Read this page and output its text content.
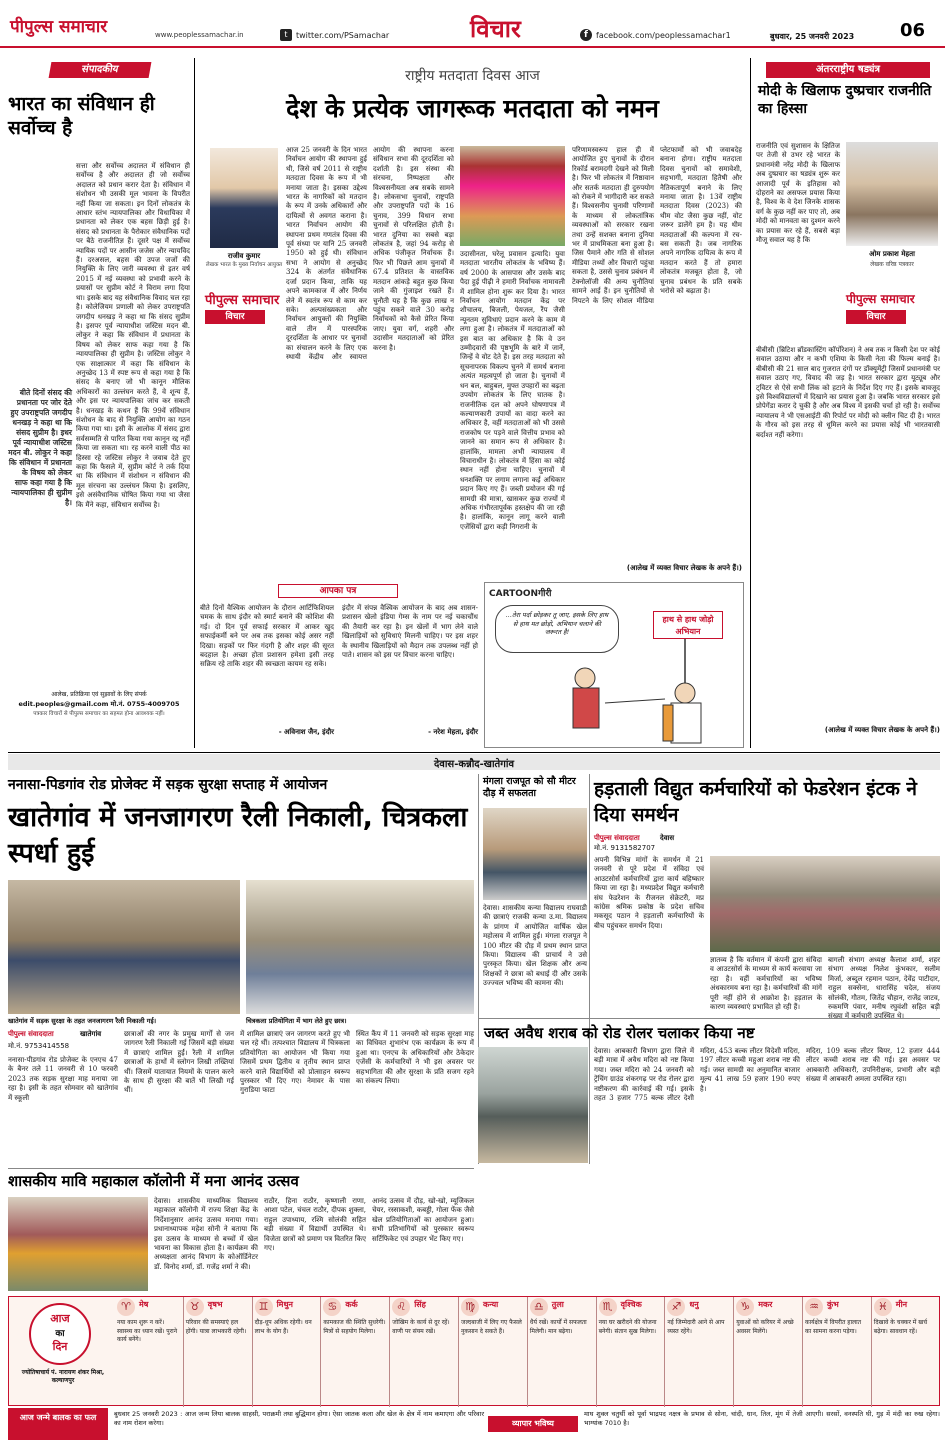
पीपुल्स समाचार	www.peoplessamachar.in	t	twitter.com/PSamachar	विचार	f	facebook.com/peoplessamachar1	बुधवार, 25 जनवरी 2023	06
संपादकीय
भारत का संविधान ही सर्वोच्च है
सत्ता और सर्वोच्च अदालत में संविधान ही सर्वोच्च है और अदालत ही जो सर्वोच्च अदालत को प्रधान करार देता है। संविधान में संशोधन भी उसकी मूल भावना के विपरीत नहीं किया जा सकता। इन दिनों लोकतंत्र के आधार स्तंभ न्यायपालिका और विधायिका में प्रधानता को लेकर एक बहस छिड़ी हुई है। संसद को प्रधानता के पैरोकार संवैधानिक पदों पर बैठे राजनीतिज्ञ हैं। दूसरे पक्ष में सर्वोच्च न्यायिक पदों पर आसीन जजेस और न्यायविद हैं। दरअसल, बहस की उपज जजों की नियुक्ति के लिए जारी व्यवस्था से इतर वर्ष 2015 में नई व्यवस्था को प्रभावी करने के प्रयासों पर सुप्रीम कोर्ट ने विराम लगा दिया था। इसके बाद यह संवैधानिक विवाद चल रहा है। कोलेजियम प्रणाली को लेकर उपराष्ट्रपति जगदीप धनखड़ ने कहा था कि संसद सुप्रीम है। इसपर पूर्व न्यायाधीश जस्टिस मदन बी. लोकुर ने कहा कि संविधान में प्रधानता के विषय को लेकर साफ कहा गया है कि न्यायपालिका ही सुप्रीम है। जस्टिस लोकुर ने एक साक्षात्कार में कहा कि संविधान के अनुच्छेद 13 में स्पष्ट रूप से कहा गया है कि संसद के बनाए जो भी कानून मौलिक अधिकारों का उल्लंघन करते हैं, वे शून्य हैं, और इस पर न्यायपालिका जांच कर सकती है। धनखड़ के कथन हैं कि 99वें संविधान संशोधन के बाद से नियुक्ति आयोग का गठन किया गया था। इसी के आलोक में संसद द्वारा सर्वसम्मति से पारित किया गया कानून रद्द नहीं किया जा सकता था। रह करने वाली पीठ का हिस्सा रहे जस्टिस लोकुर ने जवाब देते हुए कहा कि फैसले में, सुप्रीम कोर्ट ने तर्क दिया था कि संविधान में संशोधन न संविधान की मूल संरचना का उल्लंघन किया है। इसलिए, इसे असंवैधानिक घोषित किया गया था जैसा कि मैंने कहा, संविधान सर्वोच्च है।
बीते दिनों संसद की प्रधानता पर जोर देते हुए उपराष्ट्रपति जगदीप धनखड़ ने कहा था कि संसद सुप्रीम है। इधर पूर्व न्यायाधीश जस्टिस मदन बी. लोकुर ने कहा कि संविधान में प्रधानता के विषय को लेकर साफ कहा गया है कि न्यायपालिका ही सुप्रीम है।
आलेख, प्रतिक्रिया एवं सुझावों के लिए संपर्क
edit.peoples@gmail.com मो.नं. 0755-4009705
पत्रकार विचारों से पीपुल्स समाचार का सहमत होना आवश्यक नहीं।
राष्ट्रीय मतदाता दिवस आज
देश के प्रत्येक जागरूक मतदाता को नमन
राजीव कुमार
लेखक भारत के मुख्य निर्वाचन आयुक्त
पीपुल्स समाचार
विचार
आज 25 जनवरी के दिन भारत निर्वाचन आयोग की स्थापना हुई थी, जिसे वर्ष 2011 से राष्ट्रीय मतदाता दिवस के रूप में भी मनाया जाता है। इसका उद्देश्य भारत के नागरिकों को मतदान के रूप में उनके अधिकारों और दायित्वों से अवगत कराना है। भारत निर्वाचन आयोग की स्थापना प्रथम गणतंत्र दिवस की पूर्व संध्या पर यानि 25 जनवरी 1950 को हुई थी। संविधान सभा ने आयोग से अनुच्छेद 324 के अंतर्गत संवैधानिक दर्जा प्रदान किया, ताकि यह अपने कामकाज में और निर्णय लेने में स्वतंत्र रूप से काम कर सके। अल्पसंख्यकता और निर्वाचन आयुक्तों की नियुक्ति वाले तीन में पारस्परिक दूरदर्शिता के आधार पर चुनावों का संचालन करने के लिए एक स्थायी केंद्रीय और स्वायत्त आयोग की स्थापना करना संविधान सभा की दूरदर्शिता को दर्शाती है। इस संस्था की संरचना, निष्पक्षता और विश्वसनीयता अब सबके सामने है। लोकसभा चुनावों, राष्ट्रपति और उपराष्ट्रपति पदों के 16 चुनाव, 399 विधान सभा चुनावों से परिलक्षित होती है। भारत दुनिया का सबसे बड़ा लोकतंत्र है, जहां 94 करोड़ से अधिक पंजीकृत निर्वाचक हैं। फिर भी पिछले आम चुनावों में 67.4 प्रतिशत के वास्तविक मतदान आंकड़े बहुत कुछ किया जाने की गुंजाइश रखते हैं। चुनौती यह है कि कुछ लाख न पहुंच सकने वाले 30 करोड़ निर्वाचकों को कैसे प्रेरित किया जाए। युवा वर्ग, शहरी और उदासीन मतदाताओं को प्रेरित करना है।
उदासीनता, घरेलू प्रवासन इत्यादि। युवा मतदाता भारतीय लोकतंत्र के भविष्य हैं। वर्ष 2000 के आसपास और उसके बाद पैदा हुई पीढ़ी ने हमारी निर्वाचक नामावली में शामिल होना शुरू कर दिया है। भारत निर्वाचन आयोग मतदान केंद्र पर शौचालय, बिजली, पेयजल, रैंप जैसी न्यूनतम सुविधाएं प्रदान करने के काम में लगा हुआ है। लोकतंत्र में मतदाताओं को इस बात का अधिकार है कि वे उन उम्मीदवारों की पृष्ठभूमि के बारे में जानें, जिन्हें वे वोट देते हैं। इस तरह मतदाता को सूचनापरक विकल्प चुनने में समर्थ बनाना अत्यंत महत्वपूर्ण हो जाता है। चुनावों में धन बल, बाहुबल, मुफ्त उपहारों का बढ़ता उपयोग लोकतंत्र के लिए घातक है। राजनीतिक दल को अपने घोषणापत्र में कल्याणकारी उपायों का वादा करने का अधिकार है, वहीं मतदाताओं को भी उससे राजकोष पर पड़ने वाले वित्तीय प्रभाव को जानने का समान रूप से अधिकार है। हालांकि, मामला अभी न्यायालय में विचाराधीन है। लोकतंत्र में हिंसा का कोई स्थान नहीं होना चाहिए। चुनावों में धनशक्ति पर लगाम लगाना कई अधिकार प्रदान किए गए हैं। जब्ती प्रयोजन की गई सामग्री की मात्रा, खासकर कुछ राज्यों में अधिक गंभीरतापूर्वक हस्तक्षेप की जा रही है। हालांकि, कानून लागू करने वाली एजेंसियों द्वारा कड़ी निगरानी के
परिणामस्वरूप हाल ही में आयोजित हुए चुनावों के दौरान रिकॉर्ड बरामदगी देखने को मिली है। फिर भी लोकतंत्र में निष्ठावान और सतर्क मतदाता ही दुरुपयोग को रोकने में भागीदारी कर सकते हैं। विश्वसनीय चुनावी परिणामों के माध्यम से लोकतांत्रिक व्यवस्थाओं को सरकार रखना तथा उन्हें सशक्त बनाना दुनिया भर में प्राथमिकता बना हुआ है। जिस पैमाने और गति से सोशल मीडिया तथ्यों और विचारों पहुंचा सकता है, उससे चुनाव प्रबंधन में टेक्नोलॉजी की अन्य चुनौतियां सामने आई हैं। इन चुनौतियों से निपटने के लिए सोशल मीडिया प्लेटफार्मों को भी जवाबदेह बनाना होगा। राष्ट्रीय मतदाता दिवस चुनावों को समावेशी, सहभागी, मतदाता हितैषी और नैतिकतापूर्ण बनाने के लिए मनाया जाता है। 13वें राष्ट्रीय मतदाता दिवस (2023) की थीम वोट जैसा कुछ नहीं, वोट जरूर डालेंगे हम है। यह थीम मतदाताओं की कल्पना में रच-बस सकती है। जब नागरिक अपने नागरिक दायित्व के रूप में मतदान करते हैं तो हमारा लोकतंत्र मजबूत होता है, जो चुनाव प्रबंधन के प्रति सबके भरोसे को बढ़ाता है।
(आलेख में व्यक्त विचार लेखक के अपने हैं।)
अंतरराष्ट्रीय षड्यंत्र
मोदी के खिलाफ दुष्प्रचार राजनीति का हिस्सा
राजनीति एवं सुशासन के क्षितिज पर तेजी से उभर रहे भारत के प्रधानमंत्री नरेंद्र मोदी के खिलाफ अब दुष्प्रचार का षड्यंत्र शुरू कर आजादी पूर्व के इतिहास को दोहराने का असफल प्रयास किया है, विश्व के वे देश जिनके शासक वर्ग के कुछ नहीं कर पाए तो, अब मोदी को मानवता का दुश्मन करने का प्रयास कर रहे हैं, सबसे बड़ा मौजू सवाल यह है कि
ओम प्रकाश मेहता
लेखक वरिष्ठ पत्रकार
पीपुल्स समाचार
विचार
बीबीसी (ब्रिटिश ब्रॉडकास्टिंग कॉर्पोरेशन) ने अब तक न किसी देश पर कोई सवाल उठाया और न कभी एशिया के किसी नेता की फिल्म बनाई है। बीबीसी की 21 साल बाद गुजरात दंगों पर डॉक्यूमेंट्री जिसमें प्रधानमंत्री पर सवाल उठाए गए, विवाद की जड़ है। भारत सरकार द्वारा यूट्यूब और ट्विटर से ऐसे सभी लिंक को हटाने के निर्देश दिए गए हैं। इसके बावजूद इसे विश्वविद्यालयों में दिखाने का प्रयास हुआ है। जबकि भारत सरकार इसे प्रोपेगेंडा करार दे चुकी है और अब विश्व में इसकी चर्चा हो रही है। सर्वोच्च न्यायालय ने भी एसआईटी की रिपोर्ट पर मोदी को क्लीन चिट दी है। भारत के गौरव को इस तरह से धूमिल करने का प्रयास कोई भी भारतवासी बर्दाश्त नहीं करेगा।
(आलेख में व्यक्त विचार लेखक के अपने हैं।)
आपका पत्र
बीते दिनों वैश्विक आयोजन के दौरान आर्टिफिशियल चमक के साथ इंदौर को स्मार्ट बनाने की कोशिश की गई। दो दिन पूर्व सफाई सरकार में आकर खुद सफाईकर्मी बने पर अब तक इसका कोई असर नहीं दिखा। सड़कों पर फिर गंदगी है और शहर की सूरत बदहाल है। अच्छा होता प्रशासन हमेशा इसी तरह सक्रिय रहे ताकि शहर की स्वच्छता कायम रह सके।
- अविनाश जैन, इंदौर
इंदौर में संपन्न वैश्विक आयोजन के बाद अब शासन-प्रशासन खेलो इंडिया गेम्स के नाम पर नई चकाचौंध की तैयारी कर रहा है। इन खेलों में भाग लेने वाले खिलाड़ियों को सुविधाएं मिलनी चाहिए। पर इस शहर के स्थानीय खिलाड़ियों को मैदान तक उपलब्ध नहीं हो पाते। शासन को इस पर विचार करना चाहिए।
- नरेश मेहता, इंदौर
CARTOONगीरी
...तेरा पर्दा छोड़कर तू जाए, इसके लिए हाथ से हाथ मत छोड़ो, अभियान चलाने की जरूरत है!
हाथ से हाथ जोड़ो अभियान
देवास-कन्नौद-खातेगांव
ननासा-पिडगांव रोड प्रोजेक्ट में सड़क सुरक्षा सप्ताह में आयोजन
खातेगांव में जनजागरण रैली निकाली, चित्रकला स्पर्धा हुई
खातेगांव में सड़क सुरक्षा के तहत जनजागरण रैली निकाली गई।	चित्रकला प्रतियोगिता में भाग लेते हुए छात्र।
पीपुल्स संवाददाता	खातेगांव
मो.नं. 9753414558
ननासा-पीडगांव रोड प्रोजेक्ट के एनएच 47 के बैनर तले 11 जनवरी से 10 फरवरी 2023 तक सड़क सुरक्षा माह मनाया जा रहा है। इसी के तहत सोमवार को खातेगांव में स्कूली
छात्राओं की नगर के प्रमुख मार्गों से जन जागरण रैली निकाली गई जिसमें बड़ी संख्या में छात्राएं शामिल हुईं। रैली में शामिल छात्राओं के हाथों में स्लोगन लिखी तख्तियां थीं। जिसमें यातायात नियमों के पालन करने के साथ ही सुरक्षा की बातें भी लिखी गई थीं।
में शामिल छात्राएं जन जागरण करते हुए भी चल रहे थीं। तत्पश्चात विद्यालय में चित्रकला प्रतियोगिता का आयोजन भी किया गया जिसमें प्रथम द्वितीय व तृतीय स्थान प्राप्त करने वाले विद्यार्थियों को प्रोत्साहन स्वरूप पुरस्कार भी दिए गए। नेमावर के पास गुराडिया फाटा
स्थित कैंप में 11 जनवरी को सड़क सुरक्षा माह का विधिवत शुभारंभ एक कार्यक्रम के रूप में हुआ था। एनएच के अधिकारियों और ठेकेदार एजेंसी के कर्मचारियों ने भी इस अवसर पर सहभागिता की और सुरक्षा के प्रति सजग रहने का संकल्प लिया।
मंगला राजपूत को सौ मीटर दौड़ में सफलता
देवास। शासकीय कन्या विद्यालय राघवाडी की छात्राएं राजकी कन्या उ.मा. विद्यालय के प्रांगण में आयोजित वार्षिक खेल महोत्सव में शामिल हुईं। मंगला राजपूत ने 100 मीटर की दौड़ में प्रथम स्थान प्राप्त किया। विद्यालय की प्राचार्य ने उसे पुरस्कृत किया। खेल शिक्षक और अन्य शिक्षकों ने छात्रा को बधाई दी और उसके उज्ज्वल भविष्य की कामना की।
हड़ताली विद्युत कर्मचारियों को फेडरेशन इंटक ने दिया समर्थन
पीपुल्स संवाददाता	देवास
मो.नं. 9131582707
अपनी विभिन्न मांगों के समर्थन में 21 जनवरी से पूरे प्रदेश में संविदा एवं आउटसोर्स कर्मचारियों द्वारा कार्य बहिष्कार किया जा रहा है। मध्यप्रदेश विद्युत कर्मचारी संघ फेडरेशन के रीजनल सेक्रेटरी, मप्र कांग्रेस श्रमिक प्रकोष्ठ के प्रदेश सचिव मकसूद पठान ने हड़ताली कर्मचारियों के बीच पहुंचकर समर्थन दिया।
ज्ञातव्य है कि वर्तमान में कंपनी द्वारा संविदा व आउटसोर्स के माध्यम से कार्य करवाया जा रहा है। वहीं कर्मचारियों का भविष्य अंधकारमय बना रहा है। कर्मचारियों की मांगें पूरी नहीं होने से आक्रोश है। हड़ताल के कारण व्यवस्थाएं प्रभावित हो रही हैं।
बागली संभाग अध्यक्ष कैलाश शर्मा, शहर संभाग अध्यक्ष निलेश कुंभकार, सलीम मिर्जा, अब्दुल रहमान पठान, देवेंद्र पाटीदार, राहुल सक्सेना, धारासिंह चदेल, संजय सोलंकी, गौतम, जितेंद्र चौहान, राजेंद्र जाटव, रुकमणि पंवार, मनीष रघुवंशी सहित बड़ी संख्या में कर्मचारी उपस्थित थे।
जब्त अवैध शराब को रोड रोलर चलाकर किया नष्ट
देवास। आबकारी विभाग द्वारा जिले में बड़ी मात्रा में अवैध मदिरा को नष्ट किया गया। जब्त मदिरा को 24 जनवरी को ट्रेंचिंग ग्राउंड शंकरगढ़ पर रोड रोलर द्वारा नष्टीकरण की कार्रवाई की गई। इसके तहत 3 हजार 775 बल्क लीटर देशी मदिरा, 453 बल्क लीटर विदेशी मदिरा, 197 लीटर कच्ची महुआ शराब नष्ट की गई। जब्त सामग्री का अनुमानित बाजार मूल्य 41 लाख 59 हजार 190 रुपए है।
मदिरा, 109 बल्क लीटर बियर, 12 हजार 444 लीटर कच्ची शराब नष्ट की गई। इस अवसर पर आबकारी अधिकारी, उपनिरीक्षक, प्रभारी और बड़ी संख्या में आबकारी अमला उपस्थित रहा।
शासकीय मावि महाकाल कॉलोनी में मना आनंद उत्सव
देवास। शासकीय माध्यमिक विद्यालय महाकाल कॉलोनी में राज्य शिक्षा केंद्र के निर्देशानुसार आनंद उत्सव मनाया गया। प्रधानाध्यापक महेश सोनी ने बताया कि इस उत्सव के माध्यम से बच्चों में खेल भावना का विकास होता है। कार्यक्रम की अध्यक्षता आनंद विभाग के कोऑर्डिनेटर डॉ. विनोद शर्मा, डॉ. गजेंद्र शर्मा ने की।
राठौर, हिना राठौर, कृष्णाली राणा, आशा पटेल, चंचल राठौर, दीपक शुक्ला, राहुल उपाध्याय, रश्मि सोलंकी सहित बड़ी संख्या में विद्यार्थी उपस्थित थे। विजेता छात्रों को प्रमाण पत्र वितरित किए गए।
आनंद उत्सव में दौड़, खो-खो, म्यूजिकल चेयर, रस्साकशी, कबड्डी, गोला फेंक जैसे खेल प्रतियोगिताओं का आयोजन हुआ। सभी प्रतिभागियों को पुरस्कार स्वरूप सर्टिफिकेट एवं उपहार भेंट किए गए।
आज
का
दिन
ज्योतिषाचार्य पं. नारायण शंकर मिश्रा, कल्याणपुर
♈	मेष
नया काम शुरू न करें। स्वास्थ्य का ध्यान रखें। पुराने कार्य बनेंगे।
♉	वृषभ
परिवार की समस्याएं हल होंगी। यात्रा लाभकारी रहेगी।
♊	मिथुन
दौड़-धूप अधिक रहेगी। धन लाभ के योग हैं।
♋	कर्क
कामकाज की स्थिति सुधरेगी। मित्रों से सहयोग मिलेगा।
♌	सिंह
जोखिम के कार्य से दूर रहें। वाणी पर संयम रखें।
♍	कन्या
जल्दबाजी में लिए गए फैसले नुकसान दे सकते हैं।
♎	तुला
धैर्य रखें। कार्यों में सफलता मिलेगी। मान बढ़ेगा।
♏	वृश्चिक
नया घर खरीदने की योजना बनेगी। संतान सुख मिलेगा।
♐	धनु
नई जिम्मेदारी आने से आप व्यस्त रहेंगे।
♑	मकर
युवाओं को करियर में अच्छे अवसर मिलेंगे।
♒	कुंभ
कार्यक्षेत्र में विपरीत हालात का सामना करना पड़ेगा।
♓	मीन
दिखावे के चक्कर में खर्च बढ़ेगा। सावधान रहें।
आज जन्मे बालक का फल	बुधवार 25 जनवरी 2023 : आज जन्म लिया बालक साहसी, पराक्रमी तथा बुद्धिमान होगा। ऐसा जातक कला और खेल के क्षेत्र में नाम कमाएगा और परिवार का नाम रोशन करेगा।	व्यापार भविष्य
माघ शुक्ल चतुर्थी को पूर्वा भाद्रपद नक्षत्र के प्रभाव से सोना, चांदी, धान, तिल, मूंग में तेजी आएगी। सरसों, वनस्पति घी, गुड़ में मंदी का रुख रहेगा। भाग्यांक 7010 है।
